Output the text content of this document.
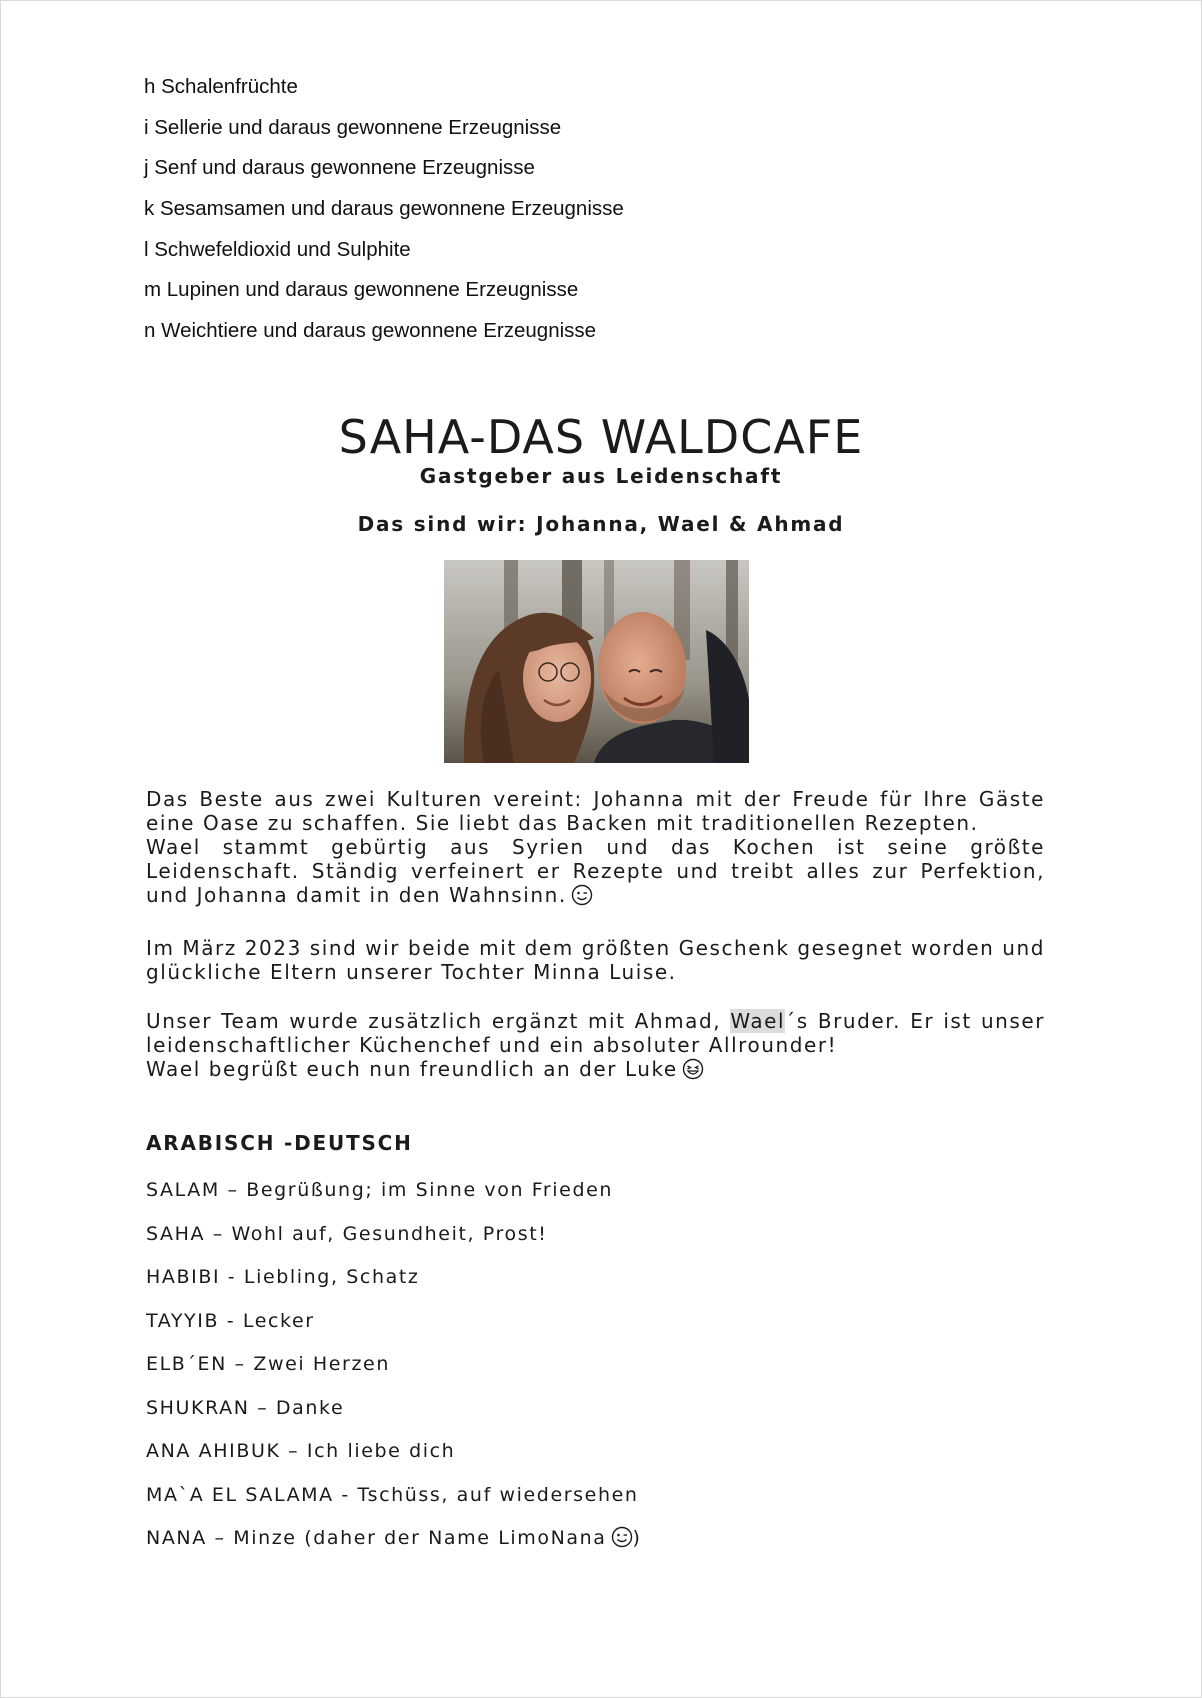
h Schalenfrüchte
i Sellerie und daraus gewonnene Erzeugnisse
j Senf und daraus gewonnene Erzeugnisse
k Sesamsamen und daraus gewonnene Erzeugnisse
l Schwefeldioxid und Sulphite
m Lupinen und daraus gewonnene Erzeugnisse
n Weichtiere und daraus gewonnene Erzeugnisse
SAHA-DAS WALDCAFE

Gastgeber aus Leidenschaft

Das sind wir: Johanna, Wael & Ahmad

Das Beste aus zwei Kulturen vereint: Johanna mit der Freude für Ihre Gäste
eine Oase zu schaffen. Sie liebt das Backen mit traditionellen Rezepten.
Wael stammt gebürtig aus Syrien und das Kochen ist seine größte
Leidenschaft. Ständig verfeinert er Rezepte und treibt alles zur Perfektion,
und Johanna damit in den Wahnsinn.

Im März 2023 sind wir beide mit dem größten Geschenk gesegnet worden und
glückliche Eltern unserer Tochter Minna Luise.

Unser Team wurde zusätzlich ergänzt mit Ahmad, Wael´s Bruder. Er ist unser
leidenschaftlicher Küchenchef und ein absoluter Allrounder!
Wael begrüßt euch nun freundlich an der Luke

ARABISCH -DEUTSCH
SALAM – Begrüßung; im Sinne von Frieden
SAHA – Wohl auf, Gesundheit, Prost!
HABIBI - Liebling, Schatz
TAYYIB - Lecker
ELB´EN – Zwei Herzen
SHUKRAN – Danke
ANA AHIBUK – Ich liebe dich
MA`A EL SALAMA - Tschüss, auf wiedersehen
NANA – Minze (daher der Name LimoNana )
